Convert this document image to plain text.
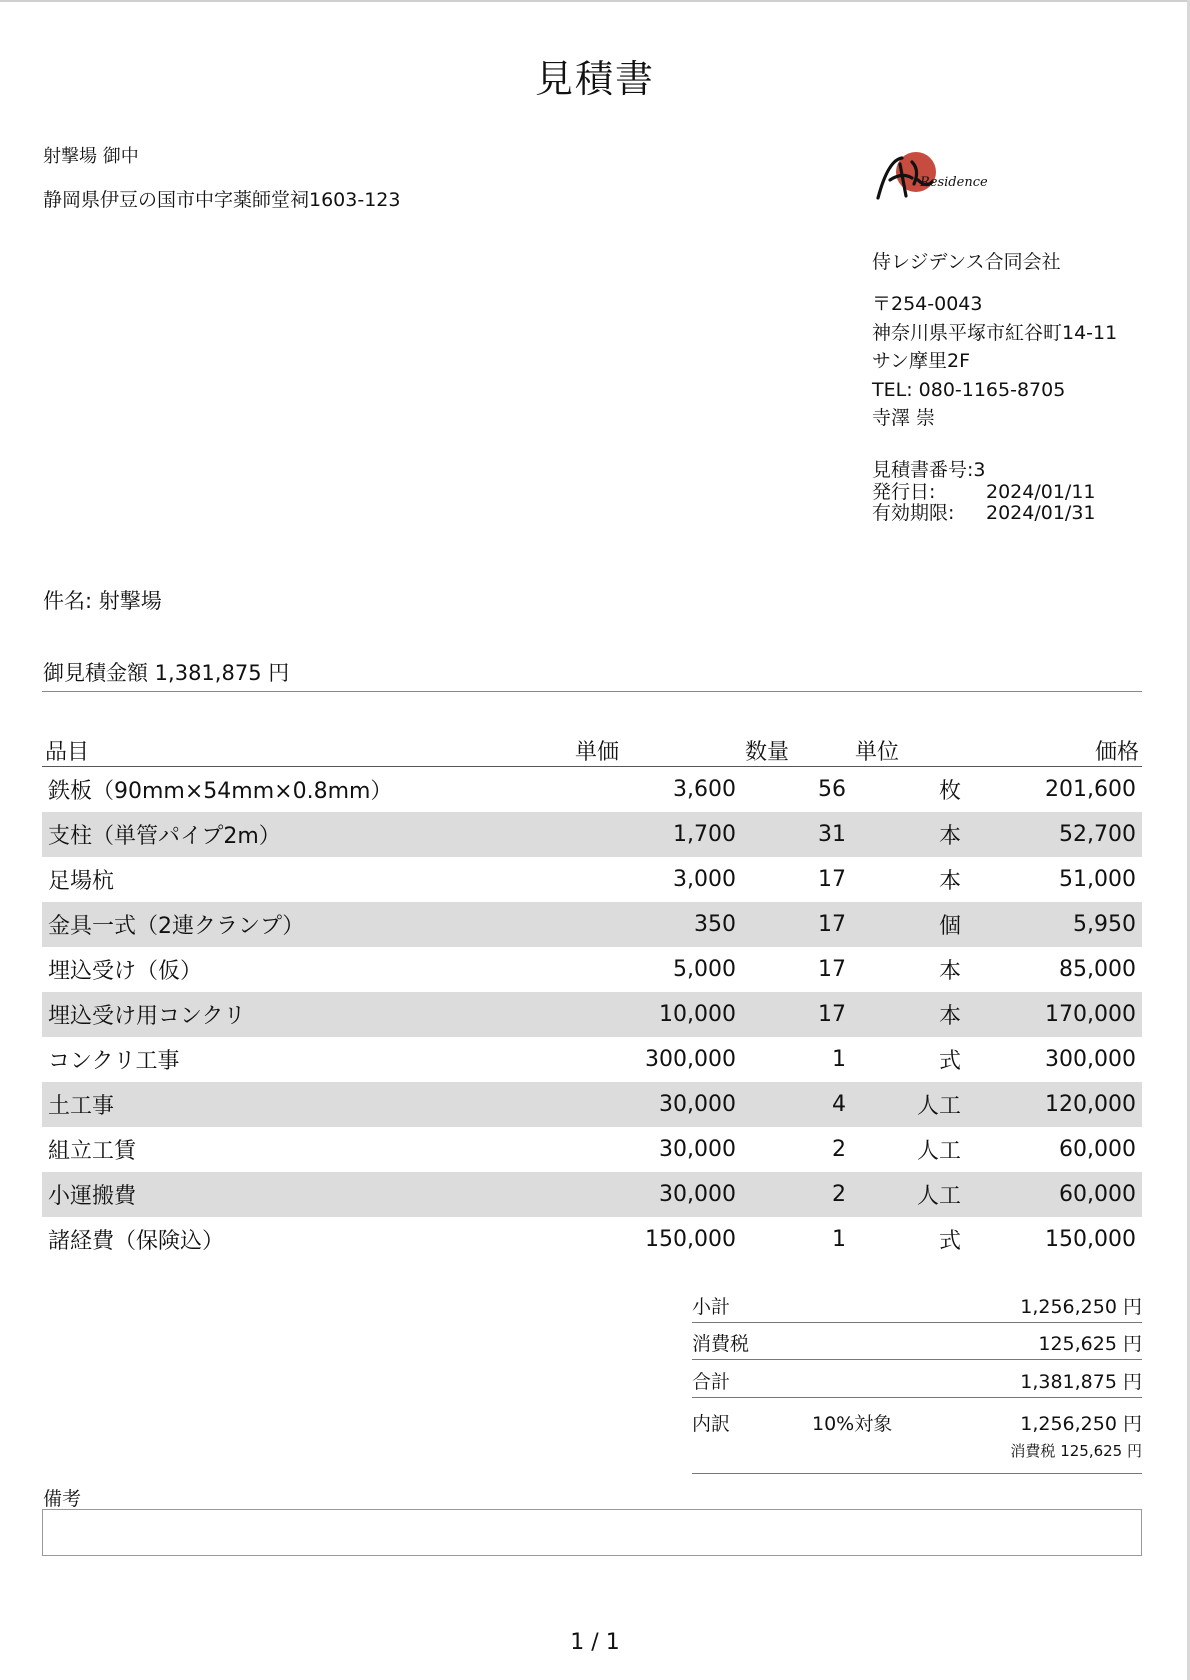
見積書
射撃場 御中
静岡県伊豆の国市中字薬師堂祠1603-123
Residence
侍レジデンス合同会社
〒254-0043
神奈川県平塚市紅谷町14-11
サン摩里2F
TEL: 080-1165-8705
寺澤 崇
見積書番号:3
発行日:	2024/01/11
有効期限:	2024/01/31
件名: 射撃場
御見積金額 1,381,875 円
品目	単価	数量	単位	価格
鉄板（90mm×54mm×0.8mm）	3,600	56	枚	201,600
支柱（単管パイプ2m）	1,700	31	本	52,700
足場杭	3,000	17	本	51,000
金具一式（2連クランプ）	350	17	個	5,950
埋込受け（仮）	5,000	17	本	85,000
埋込受け用コンクリ	10,000	17	本	170,000
コンクリ工事	300,000	1	式	300,000
土工事	30,000	4	人工	120,000
組立工賃	30,000	2	人工	60,000
小運搬費	30,000	2	人工	60,000
諸経費（保険込）	150,000	1	式	150,000
小計	1,256,250 円
消費税	125,625 円
合計	1,381,875 円
内訳	10%対象	1,256,250 円
消費税 125,625 円
備考
1 / 1
